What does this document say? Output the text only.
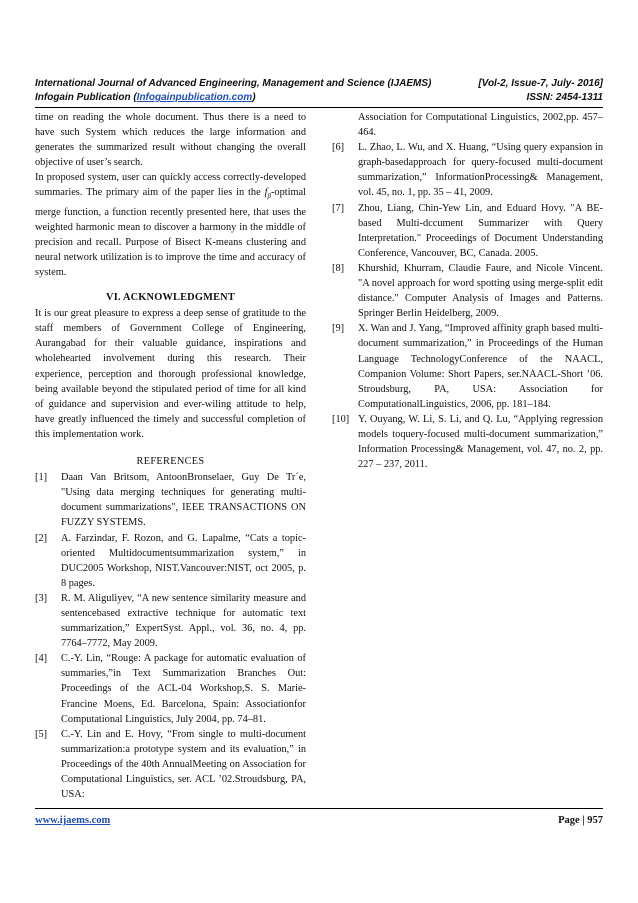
International Journal of Advanced Engineering, Management and Science (IJAEMS)	[Vol-2, Issue-7, July- 2016]
Infogain Publication (Infogainpublication.com)	ISSN: 2454-1311

time on reading the whole document. Thus there is a need to have such System which reduces the large information and generates the summarized result without changing the overall objective of user’s search.

In proposed system, user can quickly access correctly-developed summaries. The primary aim of the paper lies in the $f_\beta$-optimal merge function, a function recently presented here, that uses the weighted harmonic mean to discover a harmony in the middle of precision and recall. Purpose of Bisect K-means clustering and neural network utilization is to improve the time and accuracy of system.

VI. ACKNOWLEDGMENT

It is our great pleasure to express a deep sense of gratitude to the staff members of Government College of Engineering, Aurangabad for their valuable guidance, inspirations and wholehearted involvement during this research. Their experience, perception and thorough professional knowledge, being available beyond the stipulated period of time for all kind of guidance and supervision and ever-wiling attitude to help, have greatly influenced the timely and successful completion of this implementation work.

REFERENCES
[1]	Daan Van Britsom, AntoonBronselaer, Guy De Tr´e, "Using data merging techniques for generating multi-document summarizations", IEEE TRANSACTIONS ON FUZZY SYSTEMS.
[2]	A. Farzindar, F. Rozon, and G. Lapalme, “Cats a topic-oriented Multidocumentsummarization system,” in DUC2005 Workshop, NIST.Vancouver:NIST, oct 2005, p. 8 pages.
[3]	R. M. Aliguliyev, “A new sentence similarity measure and sentencebased extractive technique for automatic text summarization,” ExpertSyst. Appl., vol. 36, no. 4, pp. 7764–7772, May 2009.
[4]	C.-Y. Lin, “Rouge: A package for automatic evaluation of summaries,”in Text Summarization Branches Out: Proceedings of the ACL-04 Workshop,S. S. Marie-Francine Moens, Ed. Barcelona, Spain: Associationfor Computational Linguistics, July 2004, pp. 74–81.
[5]	C.-Y. Lin and E. Hovy, “From single to multi-document summarization:a prototype system and its evaluation,” in Proceedings of the 40th AnnualMeeting on Association for Computational Linguistics, ser. ACL ’02.Stroudsburg, PA, USA:

Association for Computational Linguistics, 2002,pp. 457–464.

[6]	L. Zhao, L. Wu, and X. Huang, “Using query expansion in graph-basedapproach for query-focused multi-document summarization,” InformationProcessing& Management, vol. 45, no. 1, pp. 35 – 41, 2009.
[7]	Zhou, Liang, Chin-Yew Lin, and Eduard Hovy. "A BE-based Multi-dccument Summarizer with Query Interpretation." Proceedings of Document Understanding Conference, Vancouver, BC, Canada. 2005.
[8]	Khurshid, Khurram, Claudie Faure, and Nicole Vincent. "A novel approach for word spotting using merge-split edit distance." Computer Analysis of Images and Patterns. Springer Berlin Heidelberg, 2009.
[9]	X. Wan and J. Yang, “Improved affinity graph based multi-document summarization,” in Proceedings of the Human Language TechnologyConference of the NAACL, Companion Volume: Short Papers, ser.NAACL-Short ’06. Stroudsburg, PA, USA: Association for ComputationalLinguistics, 2006, pp. 181–184.
[10] Y. Ouyang, W. Li, S. Li, and Q. Lu, “Applying regression models toquery-focused multi-document summarization,” Information Processing& Management, vol. 47, no. 2, pp. 227 – 237, 2011.
www.ijaems.com	Page | 957
